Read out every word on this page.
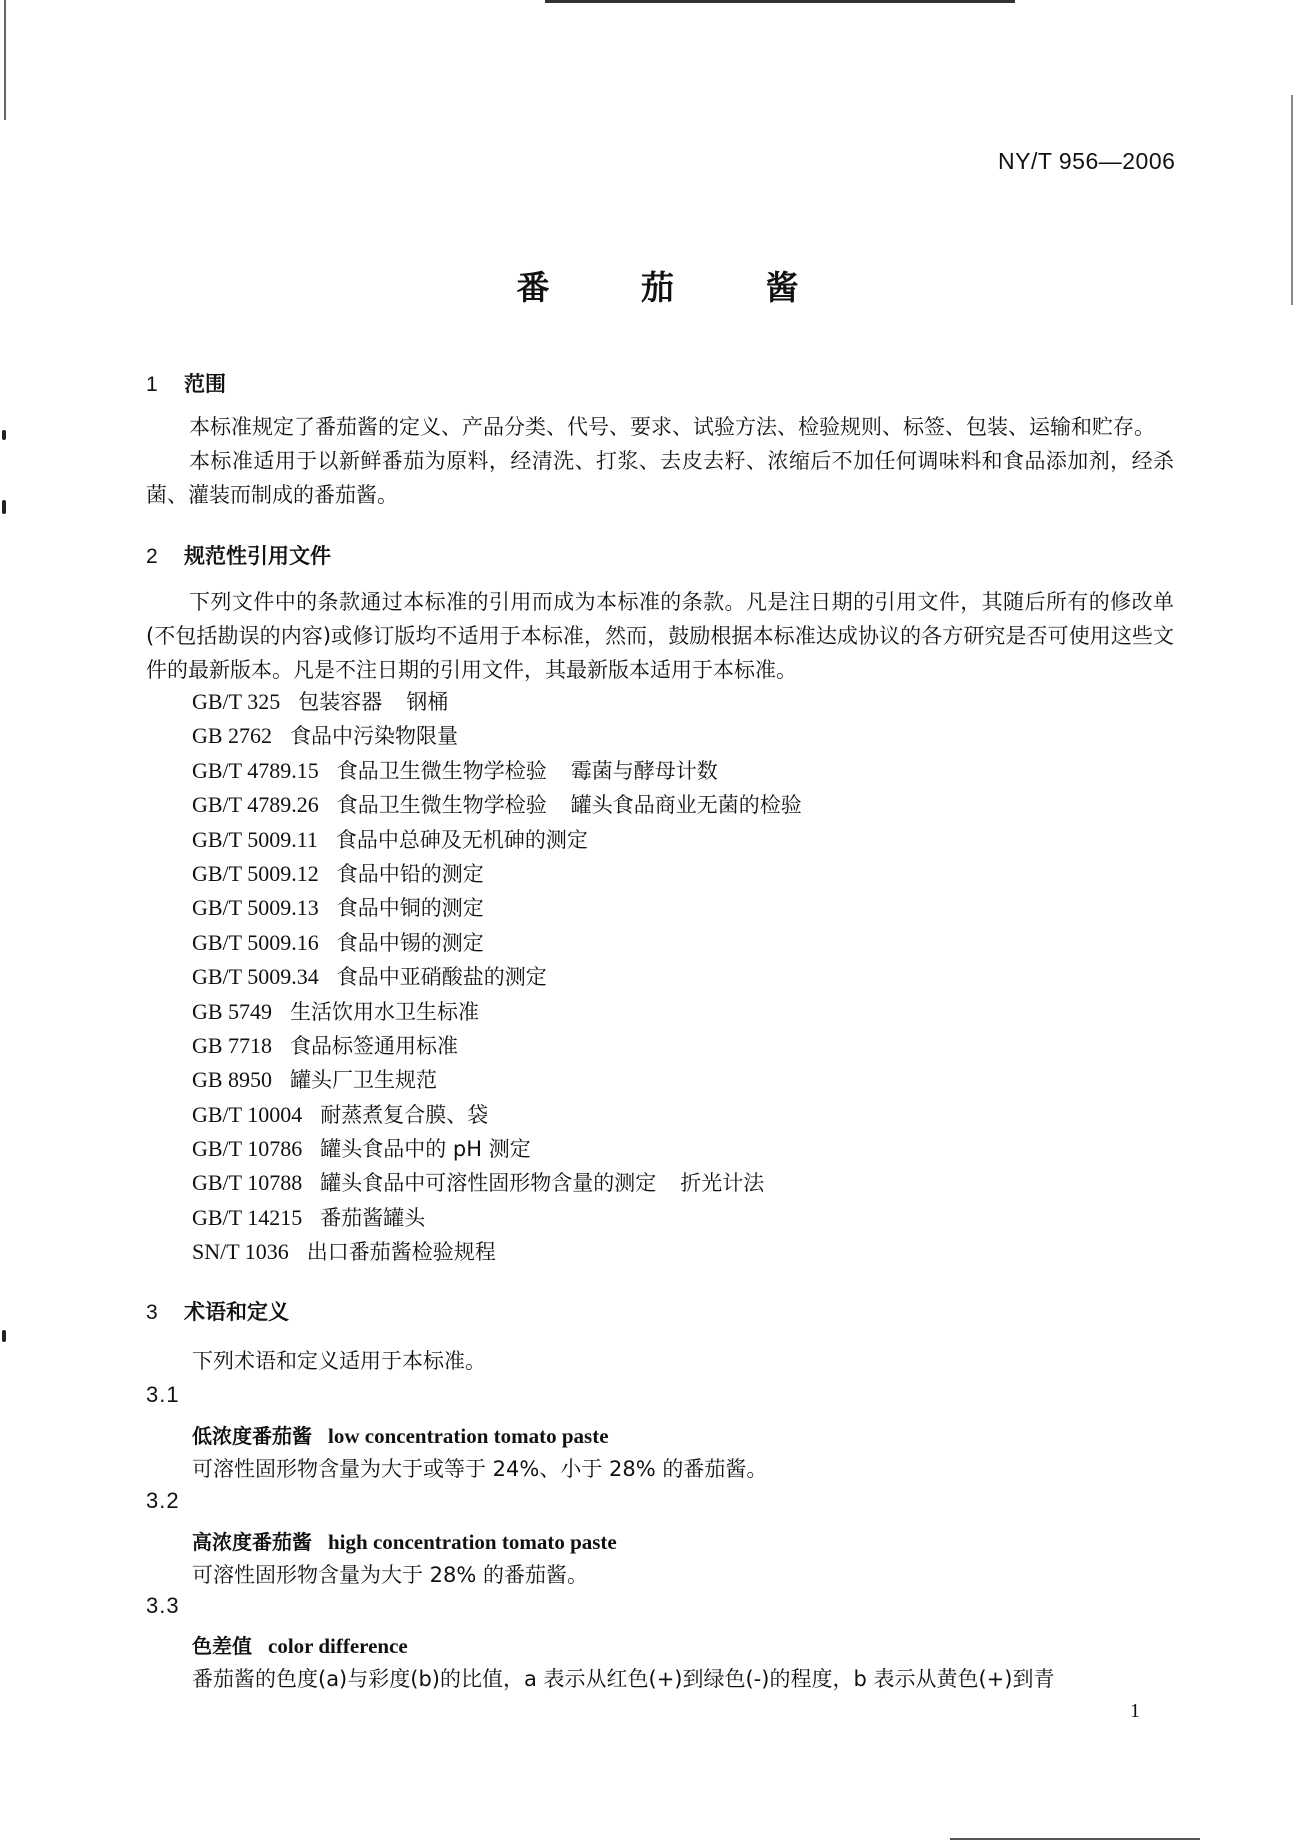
NY/T 956—2006
番 茄 酱
1 范围
本标准规定了番茄酱的定义、产品分类、代号、要求、试验方法、检验规则、标签、包装、运输和贮存。
本标准适用于以新鲜番茄为原料，经清洗、打浆、去皮去籽、浓缩后不加任何调味料和食品添加剂，经杀菌、灌装而制成的番茄酱。
2 规范性引用文件
下列文件中的条款通过本标准的引用而成为本标准的条款。凡是注日期的引用文件，其随后所有的修改单(不包括勘误的内容)或修订版均不适用于本标准，然而，鼓励根据本标准达成协议的各方研究是否可使用这些文件的最新版本。凡是不注日期的引用文件，其最新版本适用于本标准。
GB/T 325 包装容器 钢桶
GB 2762 食品中污染物限量
GB/T 4789.15 食品卫生微生物学检验 霉菌与酵母计数
GB/T 4789.26 食品卫生微生物学检验 罐头食品商业无菌的检验
GB/T 5009.11 食品中总砷及无机砷的测定
GB/T 5009.12 食品中铅的测定
GB/T 5009.13 食品中铜的测定
GB/T 5009.16 食品中锡的测定
GB/T 5009.34 食品中亚硝酸盐的测定
GB 5749 生活饮用水卫生标准
GB 7718 食品标签通用标准
GB 8950 罐头厂卫生规范
GB/T 10004 耐蒸煮复合膜、袋
GB/T 10786 罐头食品中的 pH 测定
GB/T 10788 罐头食品中可溶性固形物含量的测定 折光计法
GB/T 14215 番茄酱罐头
SN/T 1036 出口番茄酱检验规程
3 术语和定义
下列术语和定义适用于本标准。
3.1
低浓度番茄酱 low concentration tomato paste
可溶性固形物含量为大于或等于 24%、小于 28% 的番茄酱。
3.2
高浓度番茄酱 high concentration tomato paste
可溶性固形物含量为大于 28% 的番茄酱。
3.3
色差值 color difference
番茄酱的色度(a)与彩度(b)的比值，a 表示从红色(+)到绿色(-)的程度，b 表示从黄色(+)到青
1
